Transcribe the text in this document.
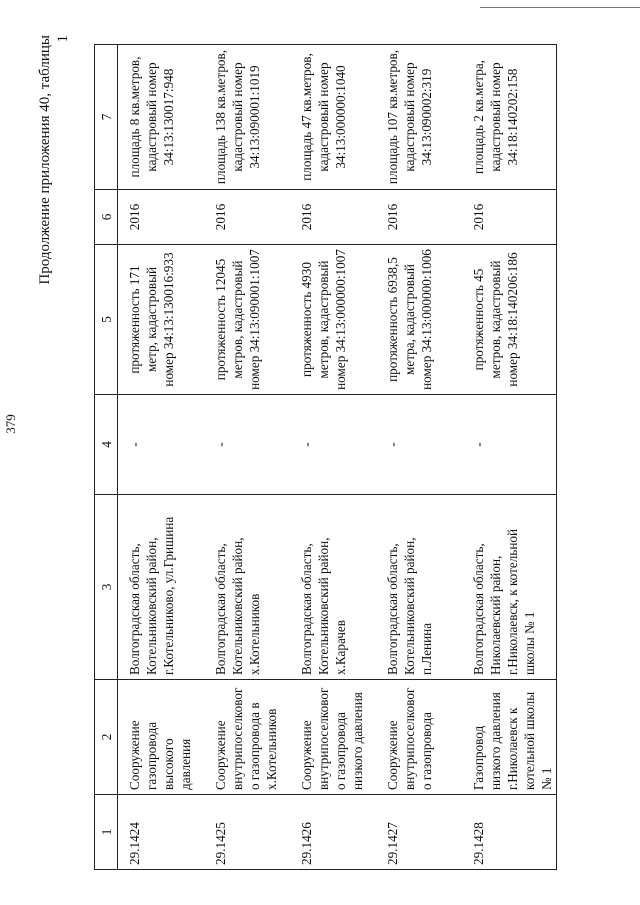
379
Продолжение приложения 40, таблицы 1
1	2	3	4	5	6	7
29.1424	Сооружение газопровода высокого давления	Волгоградская область, Котельниковский район, г.Котельниково, ул.Гришина	-	протяженность 171 метр, кадастровый номер 34:13:130016:933	2016	площадь 8 кв.метров, кадастровый номер 34:13:130017:948
29.1425	Сооружение внутрипоселкового газопровода в х.Котельников	Волгоградская область, Котельниковский район, х.Котельников	-	протяженность 12045 метров, кадастровый номер 34:13:090001:1007	2016	площадь 138 кв.метров, кадастровый номер 34:13:090001:1019
29.1426	Сооружение внутрипоселкового газопровода низкого давления	Волгоградская область, Котельниковский район, х.Карачев	-	протяженность 4930 метров, кадастровый номер 34:13:000000:1007	2016	площадь 47 кв.метров, кадастровый номер 34:13:000000:1040
29.1427	Сооружение внутрипоселкового газопровода	Волгоградская область, Котельниковский район, п.Ленина	-	протяженность 6938,5 метра, кадастровый номер 34:13:000000:1006	2016	площадь 107 кв.метров, кадастровый номер 34:13:090002:319
29.1428	Газопровод низкого давления г.Николаевск к котельной школы № 1	Волгоградская область, Николаевский район, г.Николаевск, к котельной школы № 1	-	протяженность 45 метров, кадастровый номер 34:18:140206:186	2016	площадь 2 кв.метра, кадастровый номер 34:18:140202:158
